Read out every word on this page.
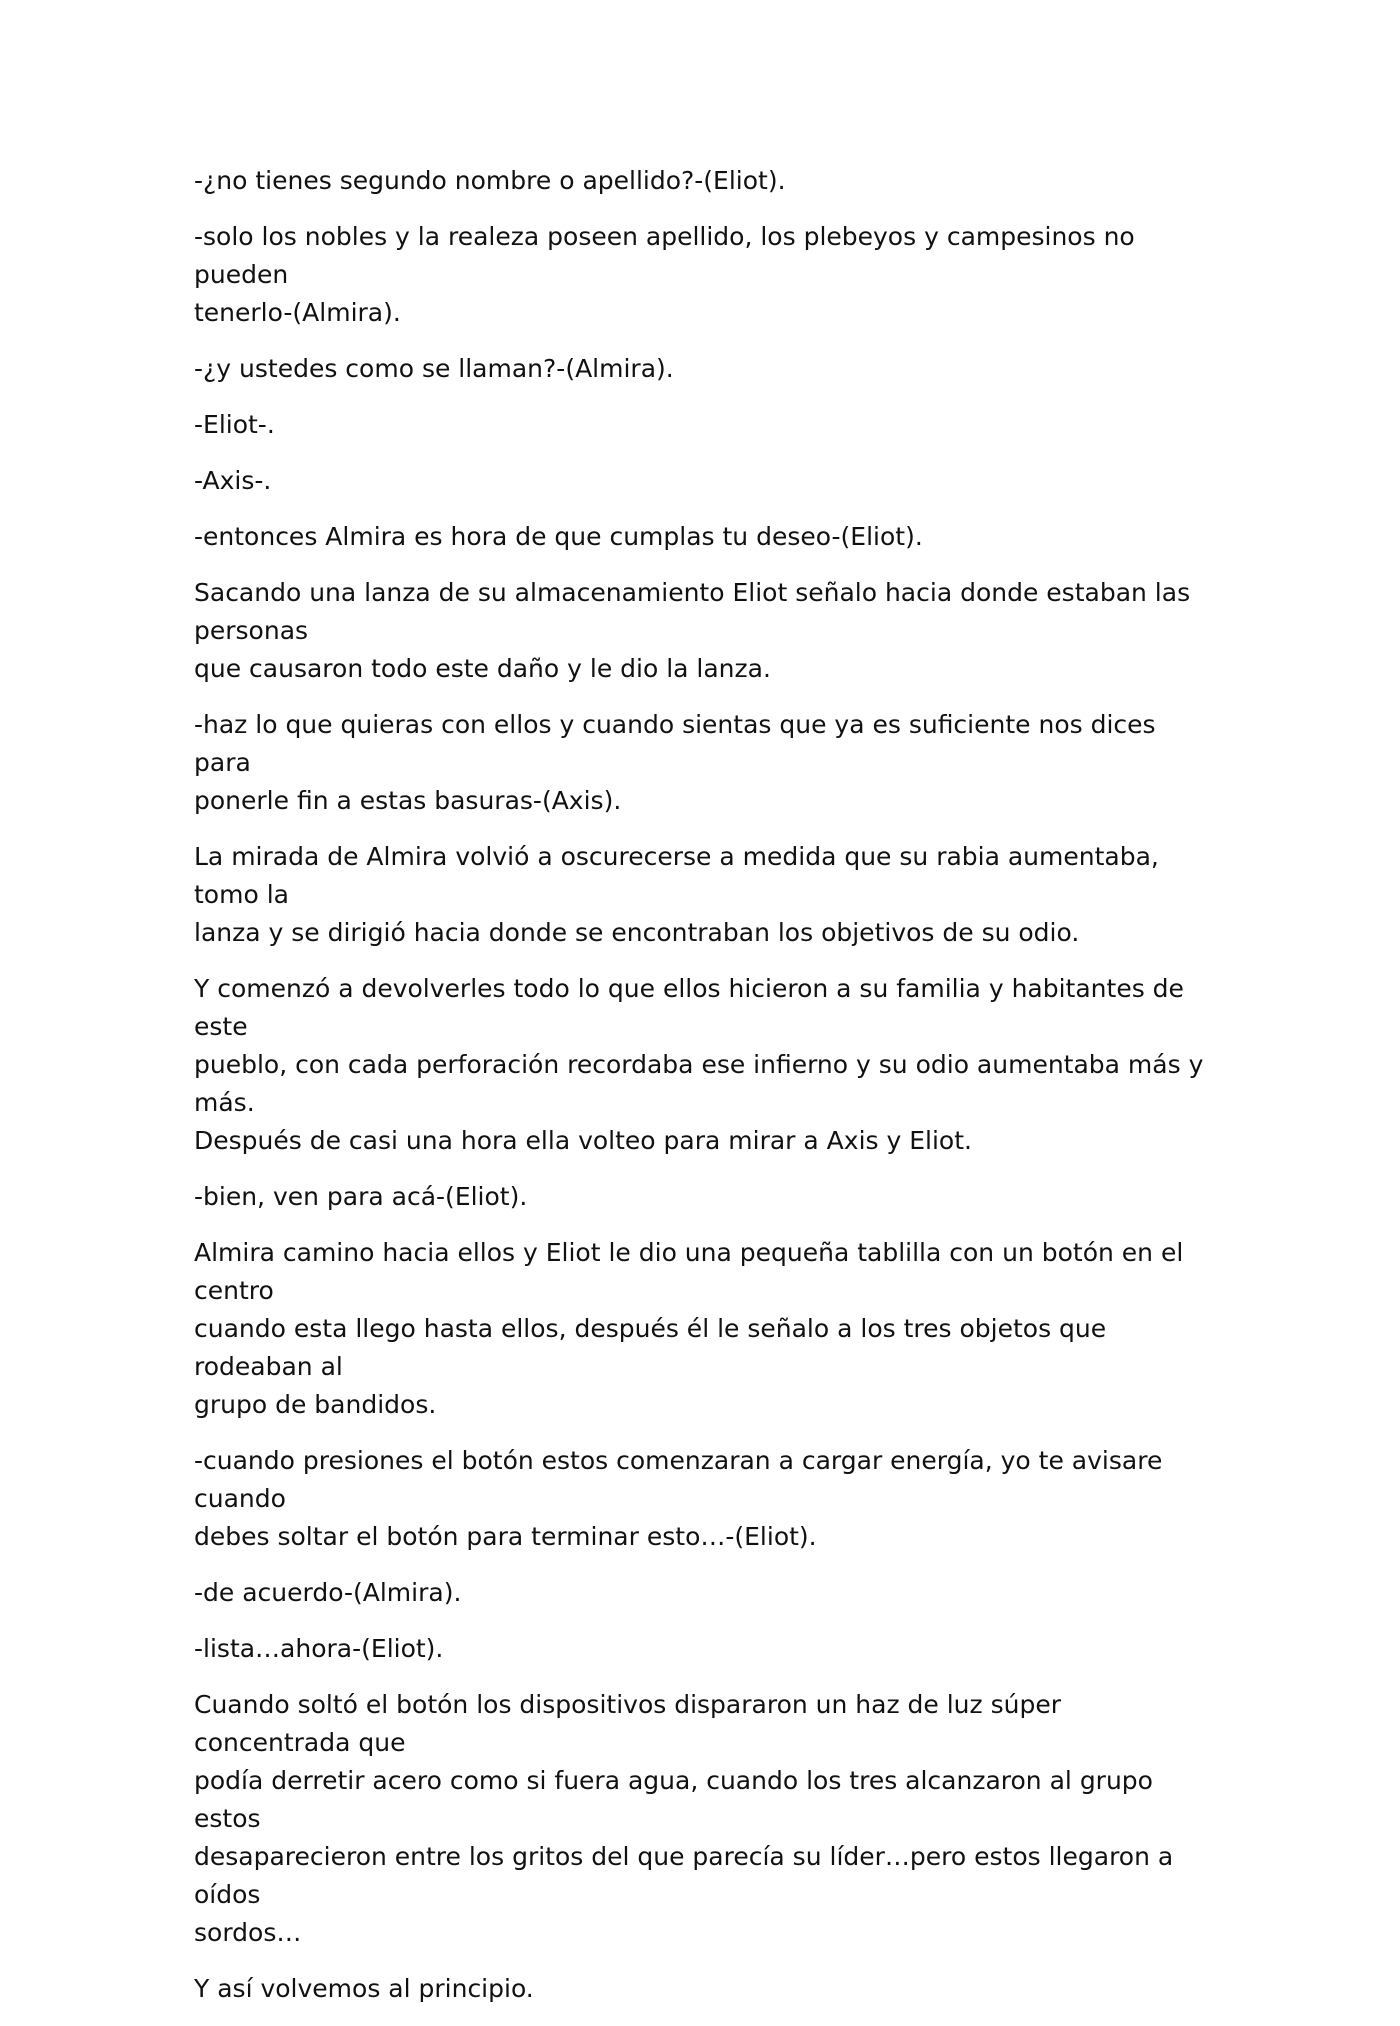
-¿no tienes segundo nombre o apellido?-(Eliot).

-solo los nobles y la realeza poseen apellido, los plebeyos y campesinos no pueden
tenerlo-(Almira).

-¿y ustedes como se llaman?-(Almira).

-Eliot-.

-Axis-.

-entonces Almira es hora de que cumplas tu deseo-(Eliot).

Sacando una lanza de su almacenamiento Eliot señalo hacia donde estaban las personas
que causaron todo este daño y le dio la lanza.

-haz lo que quieras con ellos y cuando sientas que ya es suficiente nos dices para
ponerle fin a estas basuras-(Axis).

La mirada de Almira volvió a oscurecerse a medida que su rabia aumentaba, tomo la
lanza y se dirigió hacia donde se encontraban los objetivos de su odio.

Y comenzó a devolverles todo lo que ellos hicieron a su familia y habitantes de este
pueblo, con cada perforación recordaba ese infierno y su odio aumentaba más y más.
Después de casi una hora ella volteo para mirar a Axis y Eliot.

-bien, ven para acá-(Eliot).

Almira camino hacia ellos y Eliot le dio una pequeña tablilla con un botón en el centro
cuando esta llego hasta ellos, después él le señalo a los tres objetos que rodeaban al
grupo de bandidos.

-cuando presiones el botón estos comenzaran a cargar energía, yo te avisare cuando
debes soltar el botón para terminar esto…-(Eliot).

-de acuerdo-(Almira).

-lista…ahora-(Eliot).

Cuando soltó el botón los dispositivos dispararon un haz de luz súper concentrada que
podía derretir acero como si fuera agua, cuando los tres alcanzaron al grupo estos
desaparecieron entre los gritos del que parecía su líder…pero estos llegaron a oídos
sordos…

Y así volvemos al principio.
